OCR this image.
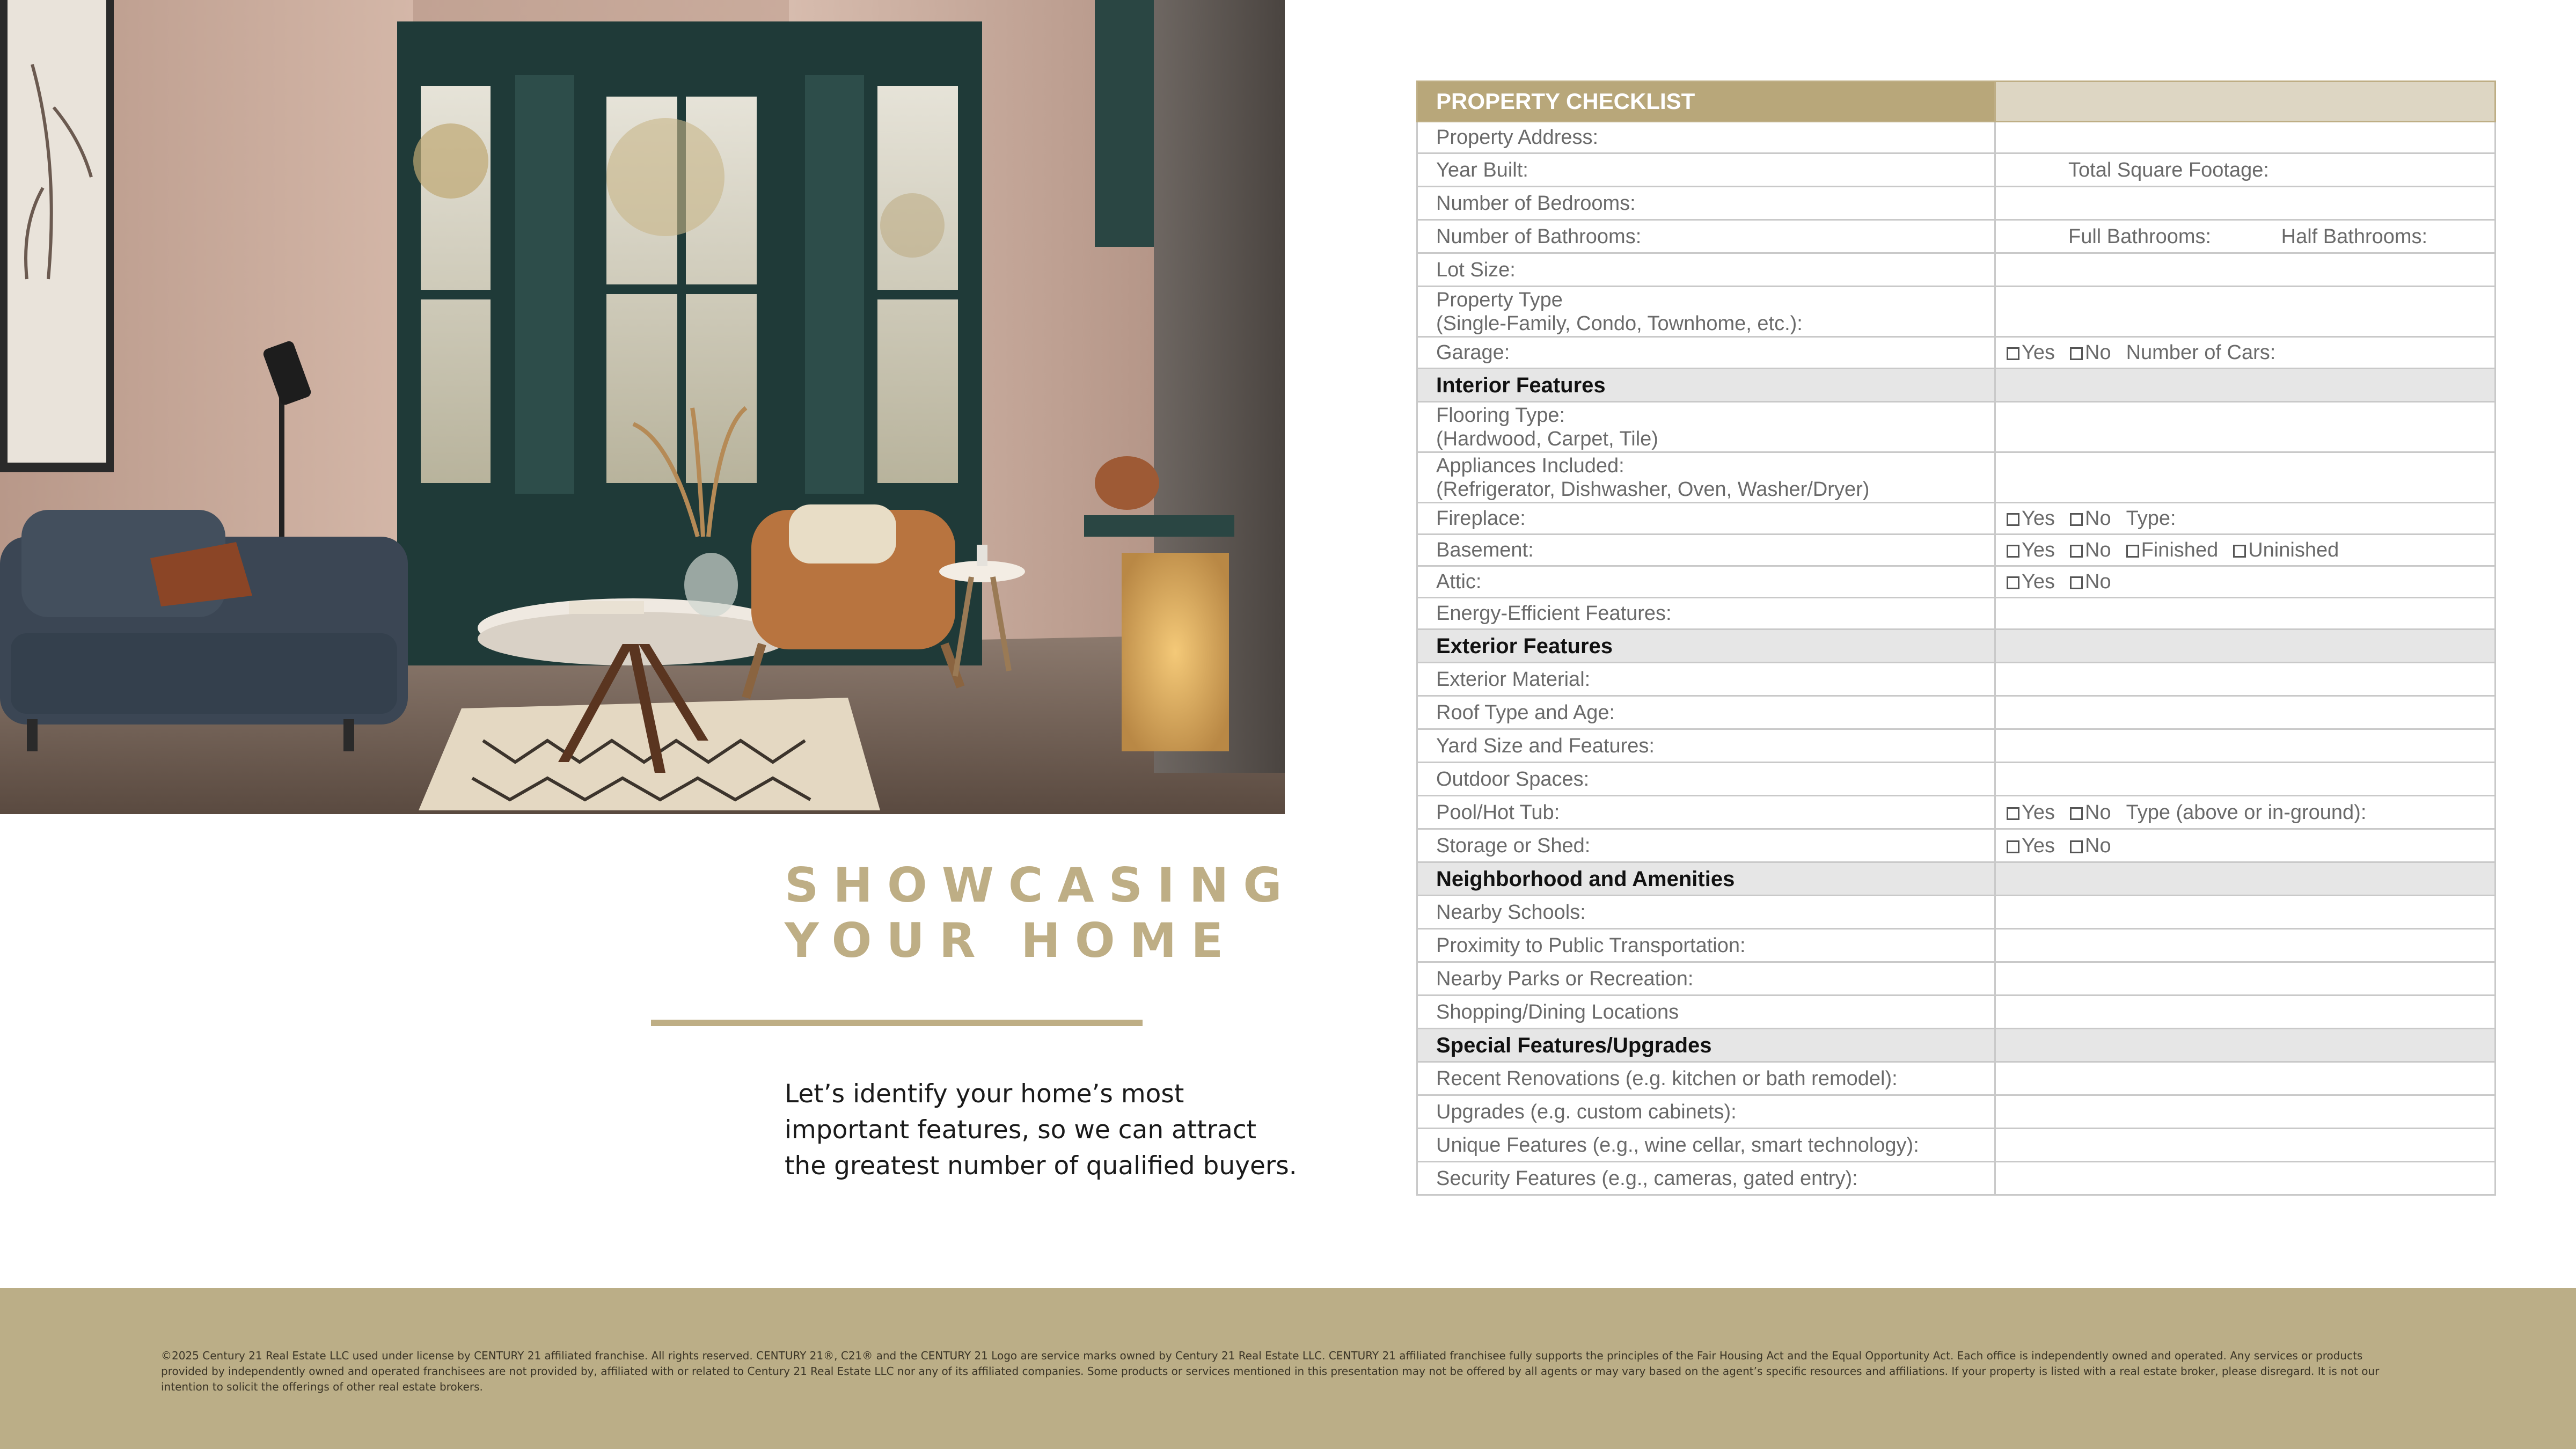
SHOWCASING
YOUR HOME
Let’s identify your home’s most important features, so we can attract the greatest number of qualified buyers.
PROPERTY CHECKLIST	
Property Address:	
Year Built:	Total Square Footage:
Number of Bedrooms:	
Number of Bathrooms:	Full Bathrooms: Half Bathrooms:
Lot Size:	

Property Type
(Single-Family, Condo, Townhome, etc.):	

Garage:	Yes No Number of Cars:
Interior Features	

Flooring Type:
(Hardwood, Carpet, Tile)	

Appliances Included:
(Refrigerator, Dishwasher, Oven, Washer/Dryer)	

Fireplace:	Yes No Type:
Basement:	Yes No Finished Uninished
Attic:	Yes No
Energy-Efficient Features:	
Exterior Features	
Exterior Material:	
Roof Type and Age:	
Yard Size and Features:	
Outdoor Spaces:	
Pool/Hot Tub:	Yes No Type (above or in-ground):
Storage or Shed:	Yes No
Neighborhood and Amenities	
Nearby Schools:	
Proximity to Public Transportation:	
Nearby Parks or Recreation:	
Shopping/Dining Locations	
Special Features/Upgrades	
Recent Renovations (e.g. kitchen or bath remodel):	
Upgrades (e.g. custom cabinets):	
Unique Features (e.g., wine cellar, smart technology):	
Security Features (e.g., cameras, gated entry):	
©2025 Century 21 Real Estate LLC used under license by CENTURY 21 affiliated franchise. All rights reserved. CENTURY 21®, C21® and the CENTURY 21 Logo are service marks owned by Century 21 Real Estate LLC. CENTURY 21 affiliated franchisee fully supports the principles of the Fair Housing Act and the Equal Opportunity Act. Each office is independently owned and operated. Any services or products provided by independently owned and operated franchisees are not provided by, affiliated with or related to Century 21 Real Estate LLC nor any of its affiliated companies. Some products or services mentioned in this presentation may not be offered by all agents or may vary based on the agent’s specific resources and affiliations. If your property is listed with a real estate broker, please disregard. It is not our intention to solicit the offerings of other real estate brokers.
